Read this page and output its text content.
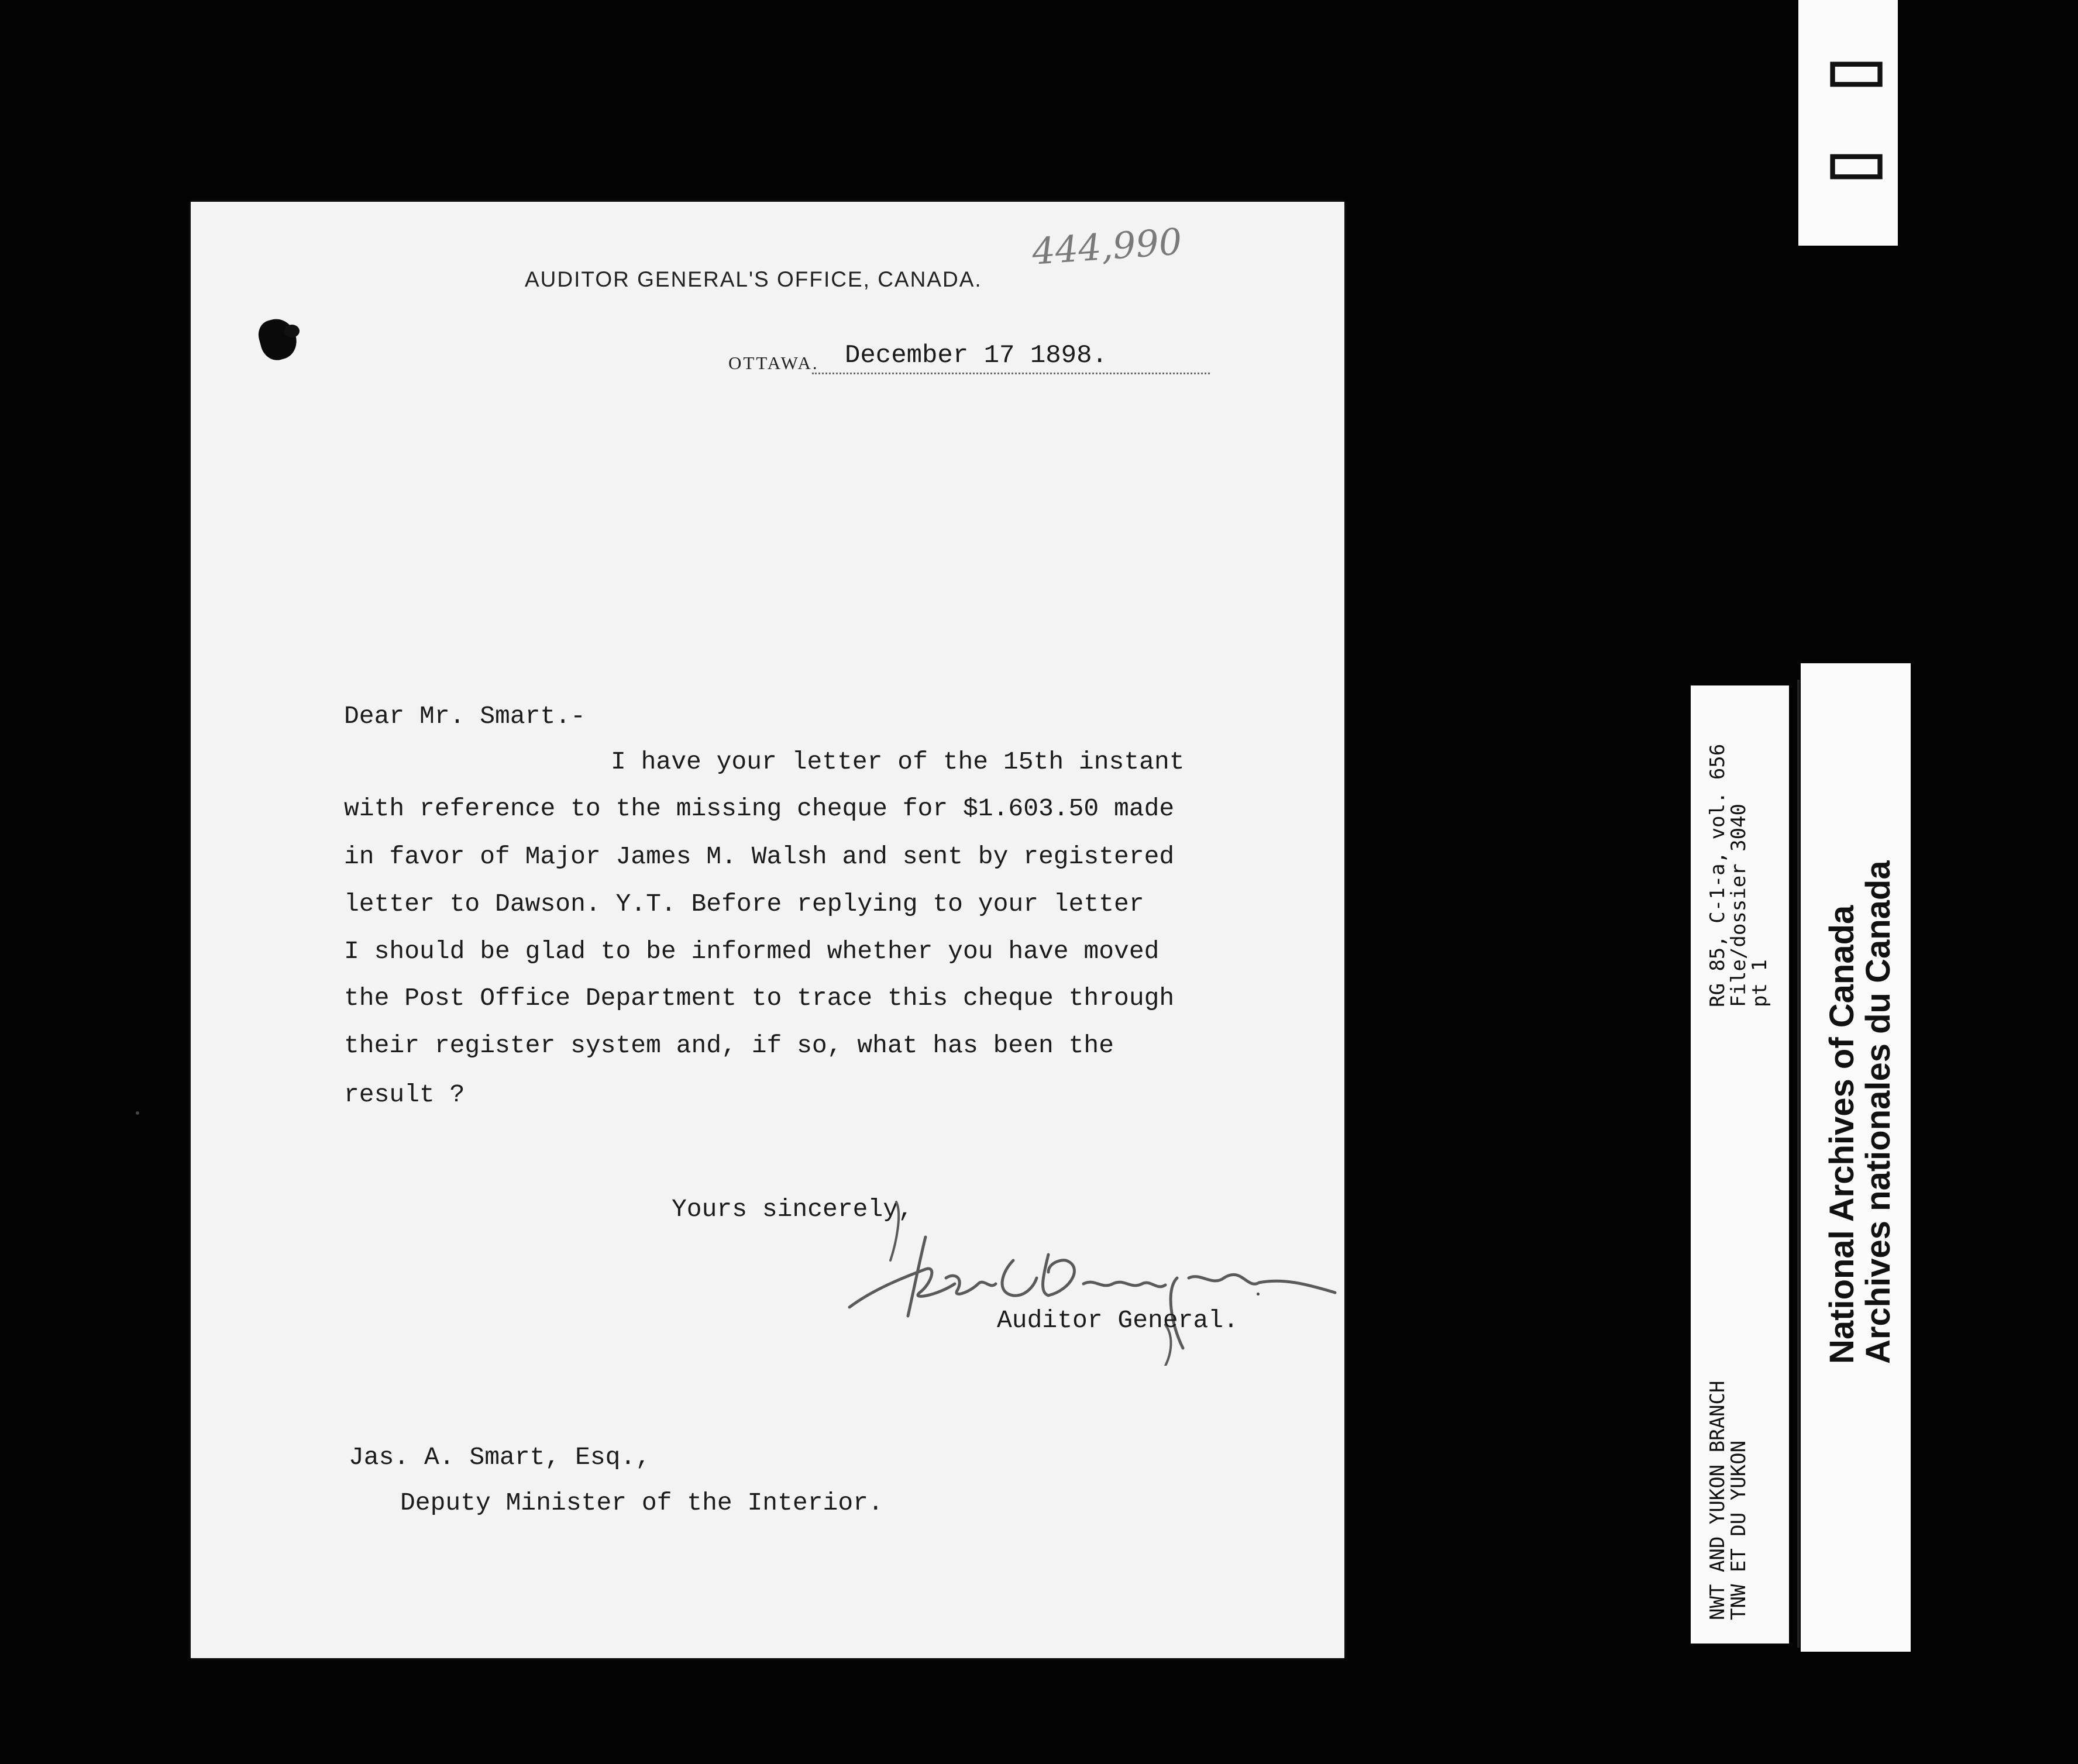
444,990
AUDITOR GENERAL'S OFFICE, CANADA.
OTTAWA. December 17 1898.
Dear Mr. Smart.-
I have your letter of the 15th instant
with reference to the missing cheque for $1.603.50 made
in favor of Major James M. Walsh and sent by registered
letter to Dawson. Y.T. Before replying to your letter
I should be glad to be informed whether you have moved
the Post Office Department to trace this cheque through
their register system and, if so, what has been the
result ?
Yours sincerely,
Auditor General.
Jas. A. Smart, Esq.,
Deputy Minister of the Interior.
▯
▯
NWT AND YUKON BRANCH
TNW ET DU YUKON
RG 85, C-1-a, vol. 656
File/dossier 3040
pt 1
National Archives of Canada
Archives nationales du Canada
